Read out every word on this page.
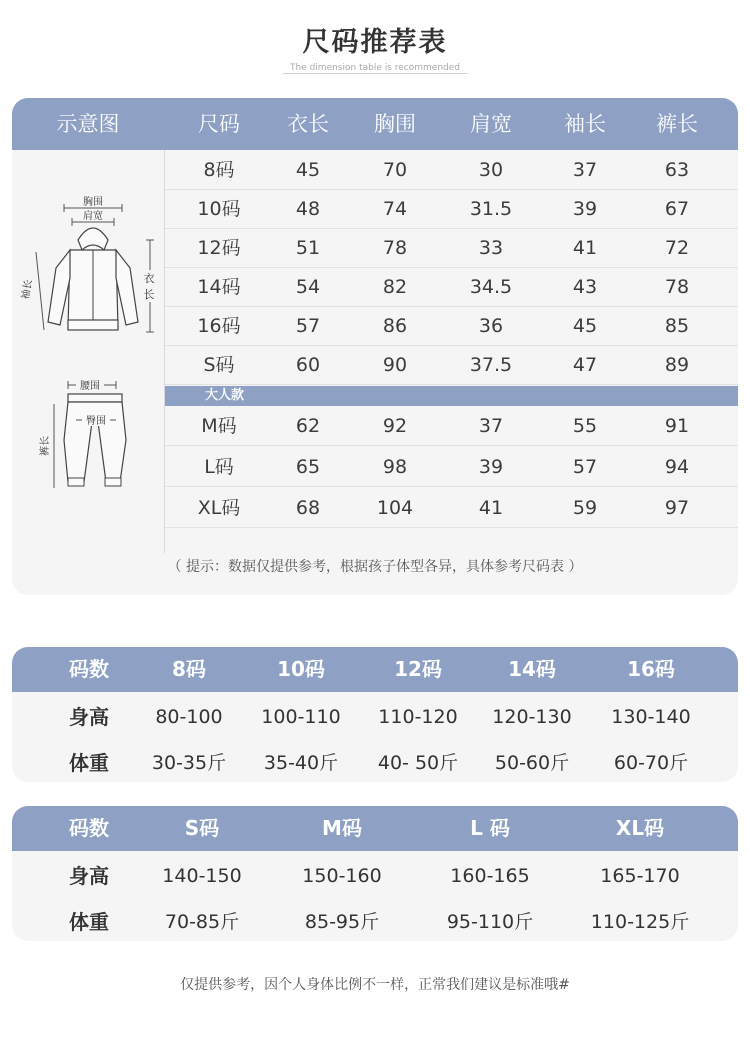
尺码推荐表
The dimension table is recommended
示意图	尺码 衣长 胸围	肩宽 袖长 裤长
胸围
肩宽
袖长
衣
长
腰围
臀围
裤长
8码	45	70	30	37	63
10码	48	74	31.5	39	67
12码	51	78	33	41	72
14码	54	82	34.5	43	78
16码	57	86	36	45	85
S码	60	90	37.5	47	89
M码	62	92	37	55	91
L码	65	98	39	57	94
XL码	68	104	41	59	97
大人款
（ 提示：数据仅提供参考，根据孩子体型各异，具体参考尺码表 ）
码数	8码	10码	12码	14码	16码
身高 80-100 100-110 110-120 120-130 130-140
体重 30-35斤 35-40斤 40- 50斤 50-60斤 60-70斤
码数	S码	M码	L 码	XL码
身高	140-150	150-160	160-165	165-170
体重	70-85斤	85-95斤	95-110斤	110-125斤
仅提供参考，因个人身体比例不一样，正常我们建议是标准哦#
